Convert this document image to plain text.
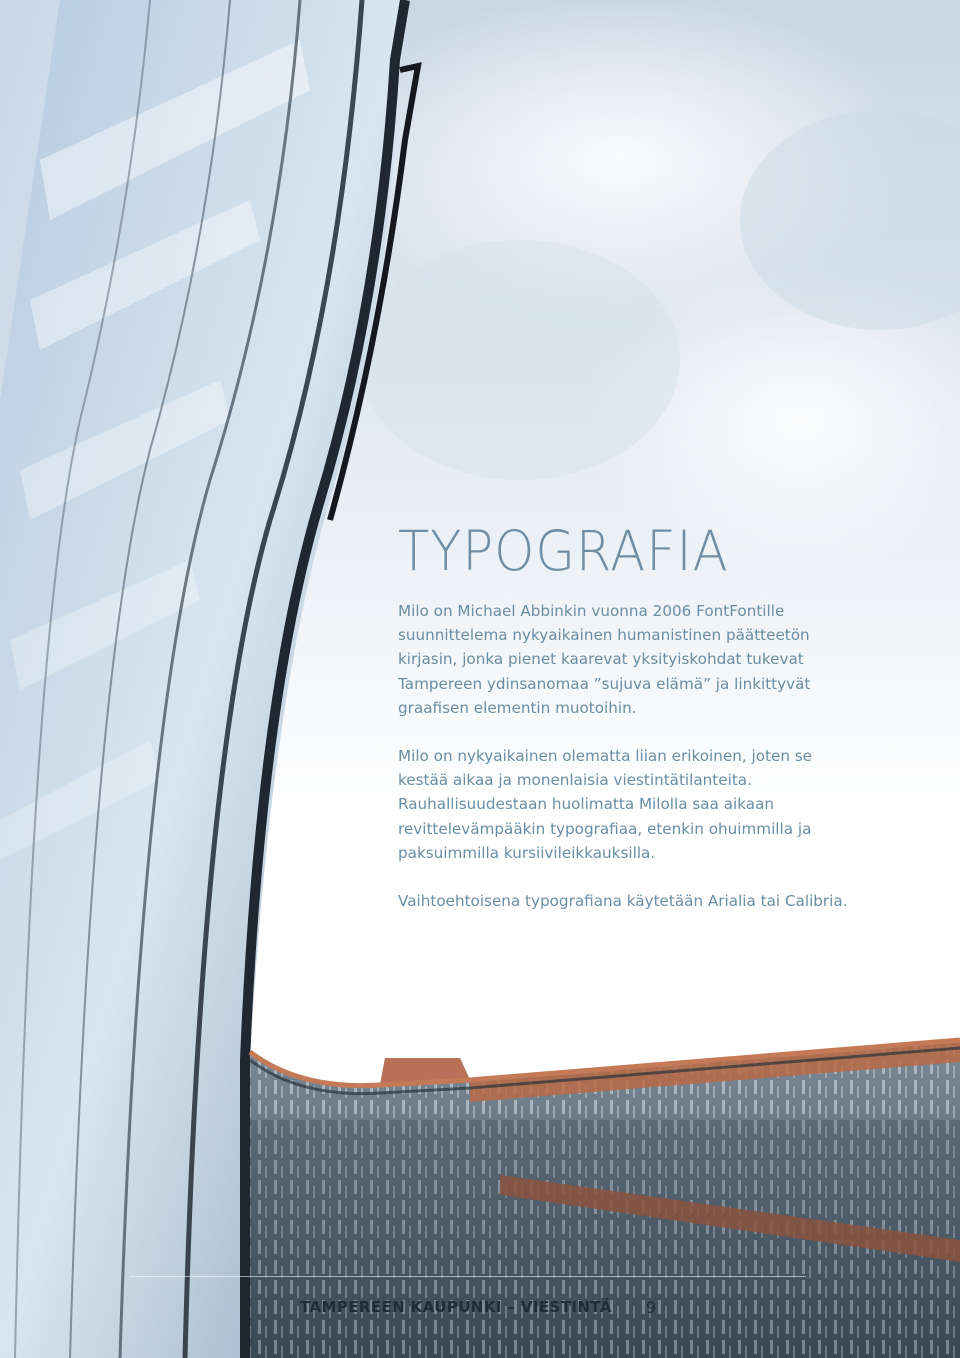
TYPOGRAFIA

Milo on Michael Abbinkin vuonna 2006 FontFontille suunnittelema nykyaikainen humanistinen päätteetön kirjasin, jonka pienet kaarevat yksityiskohdat tukevat Tampereen ydinsanomaa ”sujuva elämä” ja linkittyvät graafisen elementin muotoihin.

Milo on nykyaikainen olematta liian erikoinen, joten se kestää aikaa ja monenlaisia viestintätilanteita. Rauhallisuudestaan huolimatta Milolla saa aikaan revittelevämpääkin typografiaa, etenkin ohuimmilla ja paksuimmilla kursiivileikkauksilla.

Vaihtoehtoisena typografiana käytetään Arialia tai Calibria.

TAMPEREEN KAUPUNKI – VIESTINTÄ 9
